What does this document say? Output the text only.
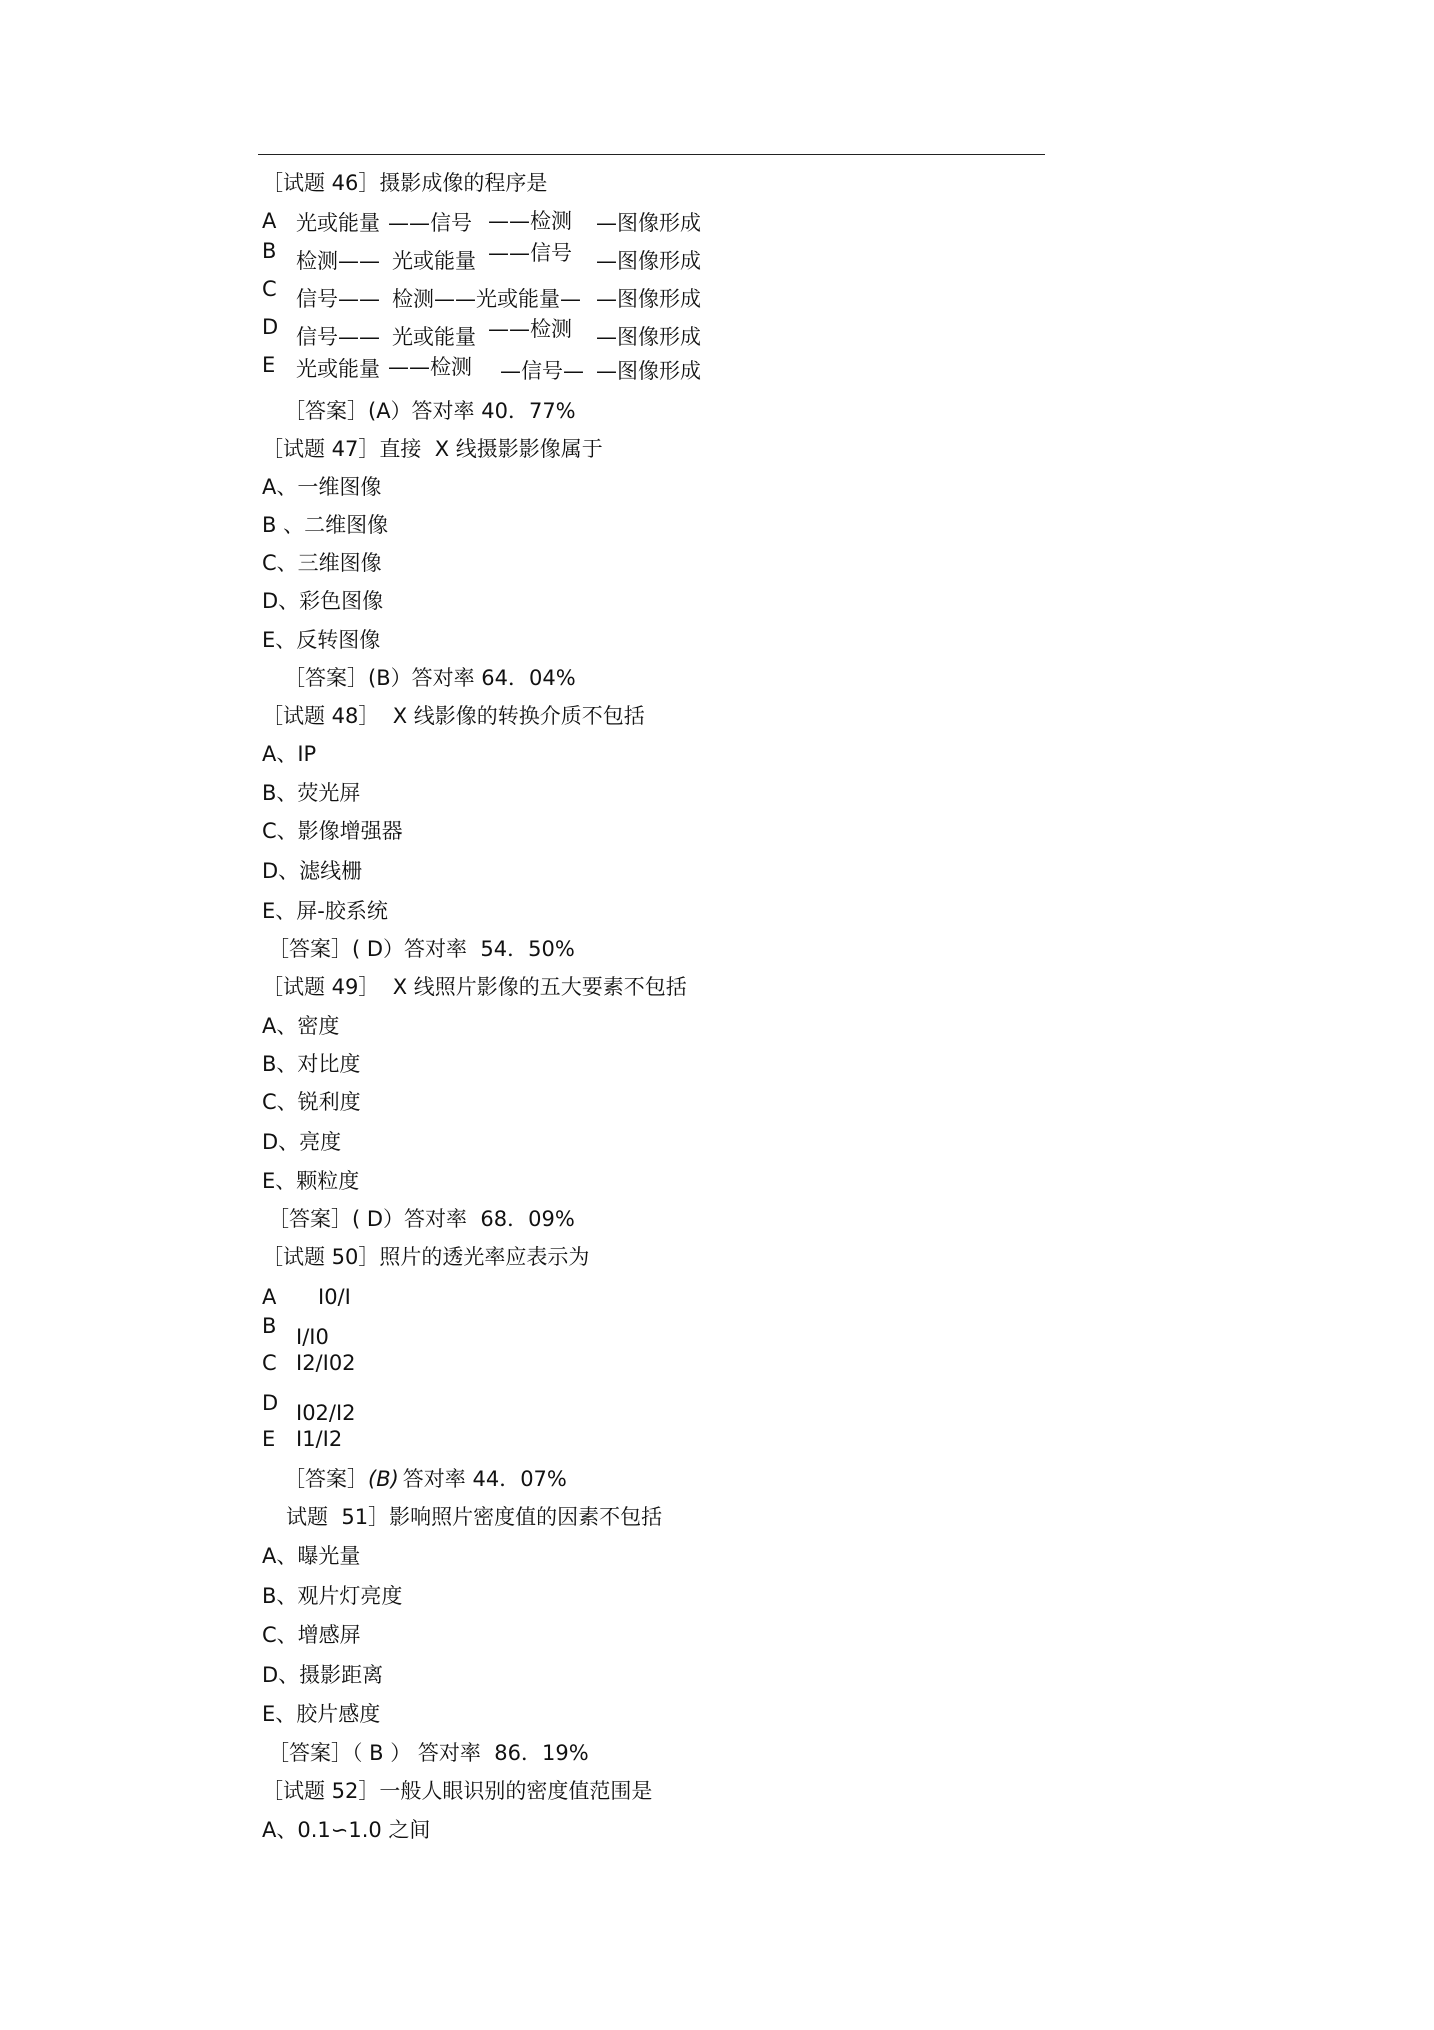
［试题 46］摄影成像的程序是
A
B
C
D
E
光或能量 ——信号 ——检测 —图像形成
检测—— 光或能量 ——信号 —图像形成
信号—— 检测——光或能量— —图像形成
信号—— 光或能量 ——检测 —图像形成
光或能量 ——检测 —信号— —图像形成
［答案］(A）答对率 40．77%
［试题 47］直接  X 线摄影影像属于
A、一维图像
B 、二维图像
C、三维图像
D、彩色图像
E、反转图像
［答案］(B）答对率 64．04%
［试题 48］  X 线影像的转换介质不包括
A、IP
B、荧光屏
C、影像增强器
D、滤线栅
E、屏-胶系统
［答案］( D）答对率  54．50%
［试题 49］  X 线照片影像的五大要素不包括
A、密度
B、对比度
C、锐利度
D、亮度
E、颗粒度
［答案］( D）答对率  68．09%
［试题 50］照片的透光率应表示为
A
B
C
D
E
I0/I
I/I0
I2/I02
I02/I2
I1/I2
［答案］(B) 答对率 44．07%
试题  51］影响照片密度值的因素不包括
A、曝光量
B、观片灯亮度
C、增感屏
D、摄影距离
E、胶片感度
［答案］（ B ） 答对率  86．19%
［试题 52］一般人眼识别的密度值范围是
A、0.1∽1.0 之间
